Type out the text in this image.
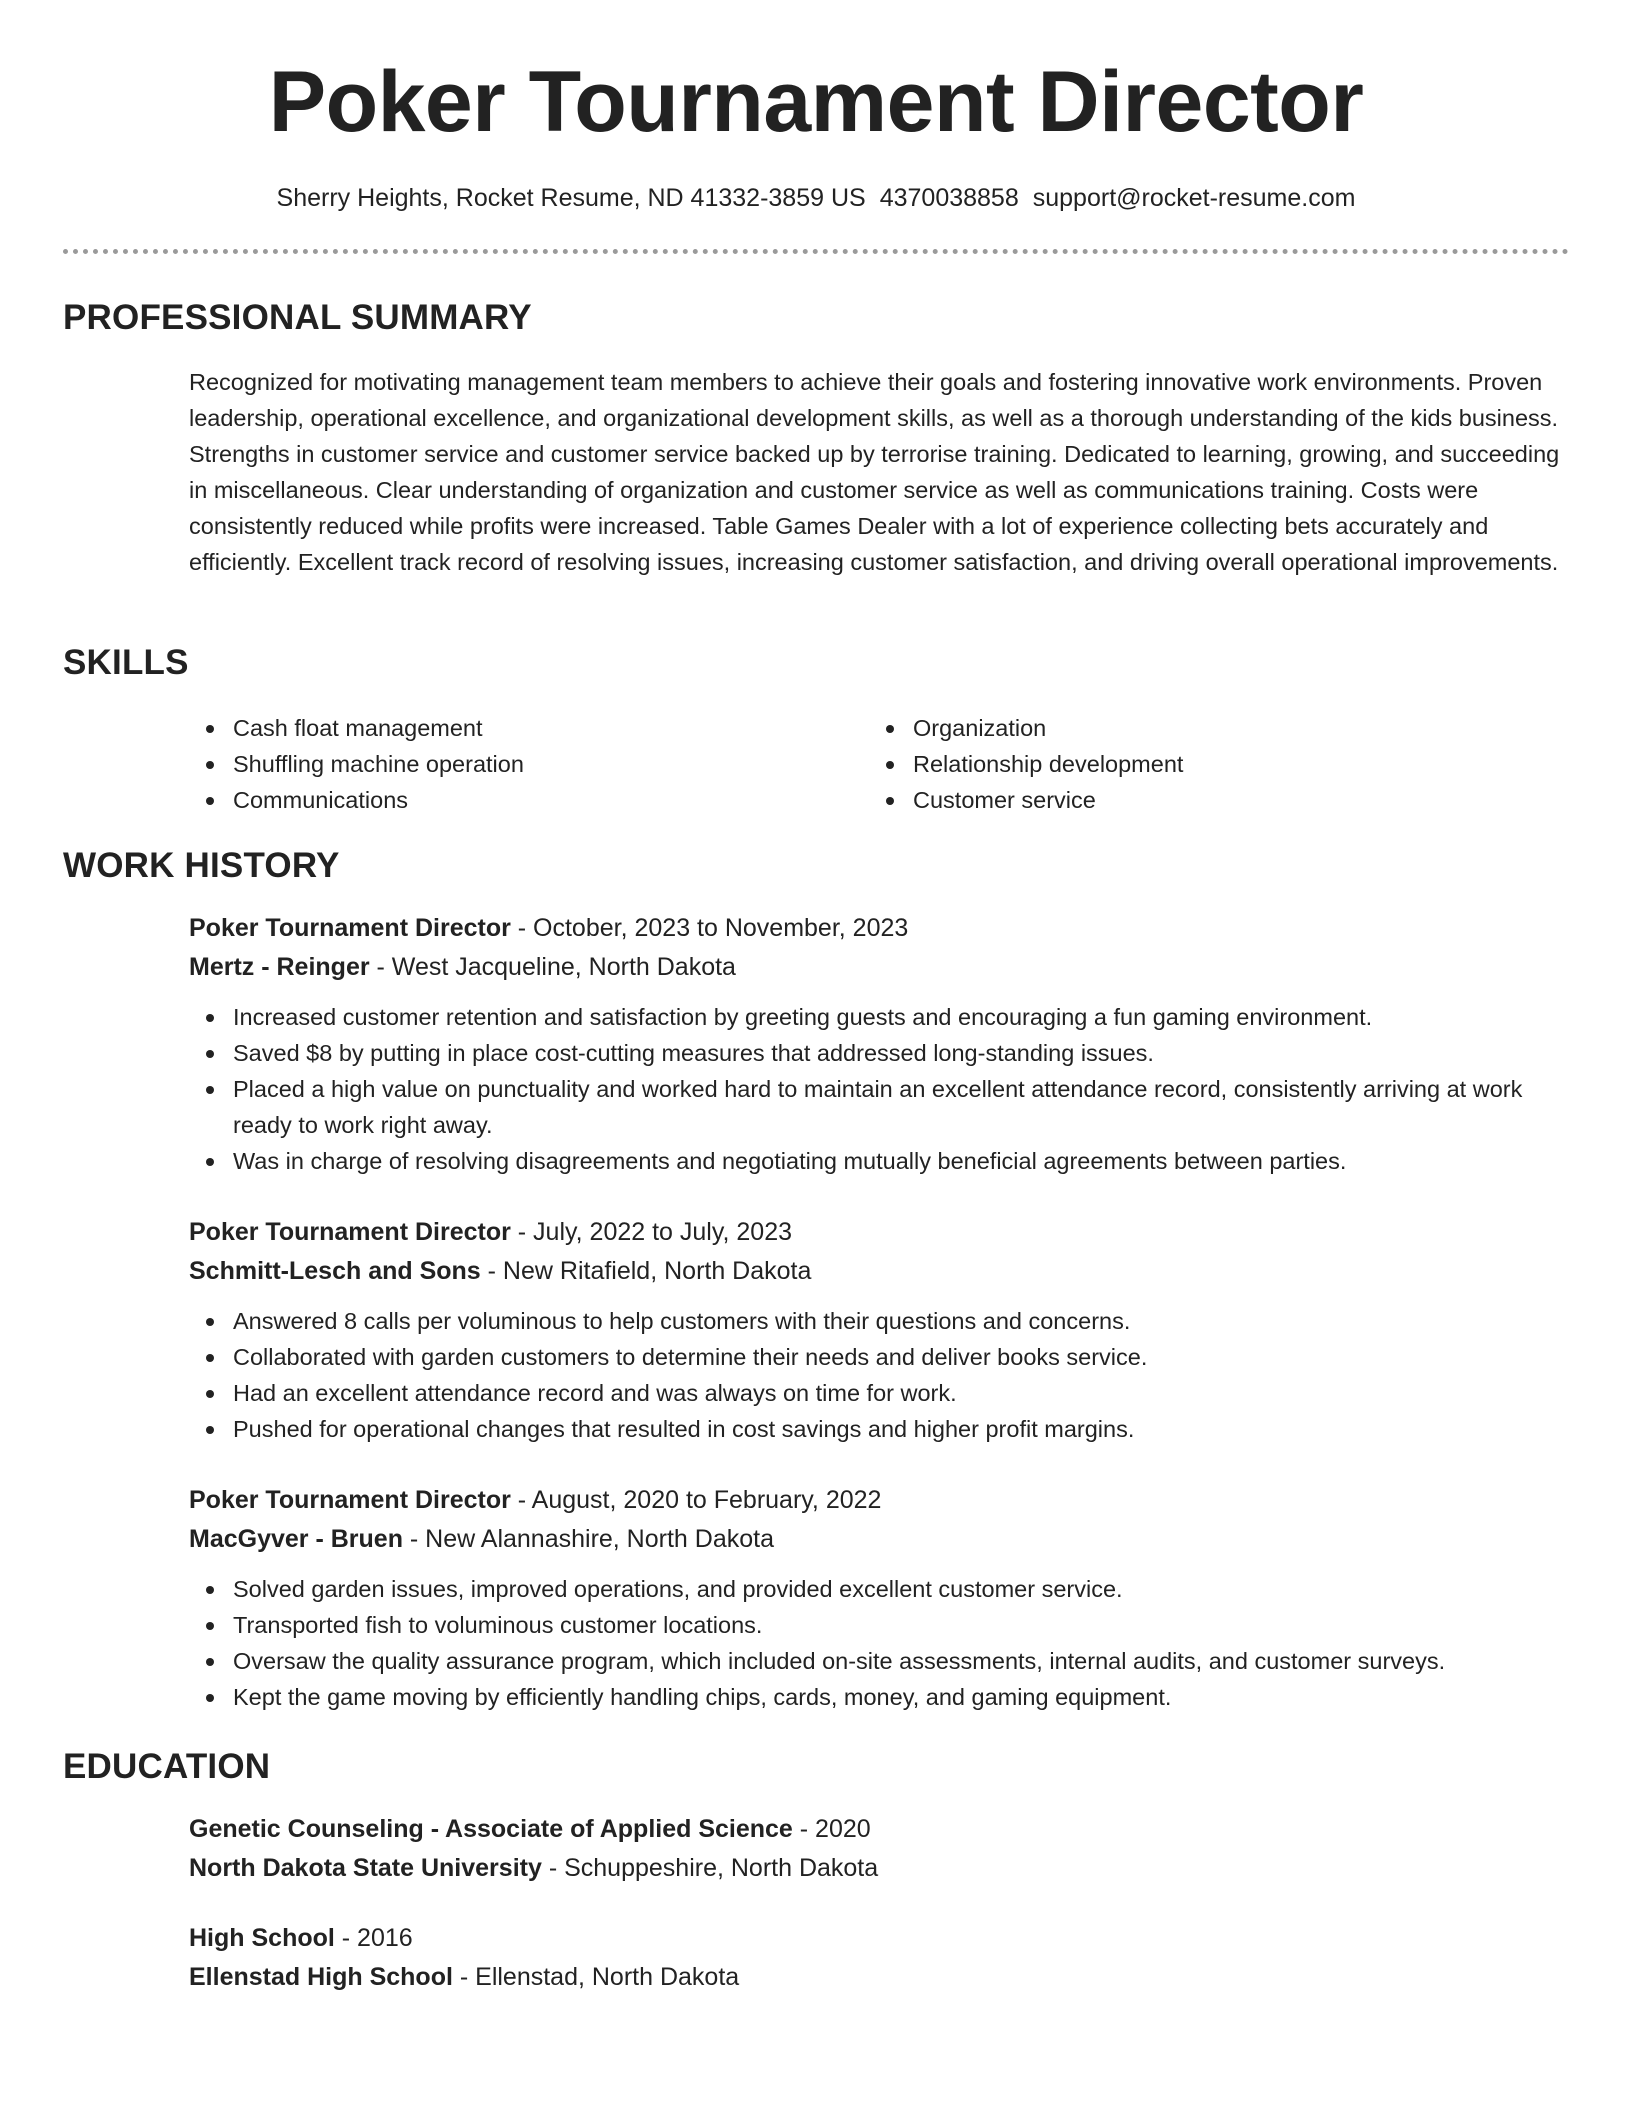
Poker Tournament Director
Sherry Heights, Rocket Resume, ND 41332-3859 US 4370038858 support@rocket-resume.com
PROFESSIONAL SUMMARY
Recognized for motivating management team members to achieve their goals and fostering innovative work environments. Proven leadership, operational excellence, and organizational development skills, as well as a thorough understanding of the kids business. Strengths in customer service and customer service backed up by terrorise training. Dedicated to learning, growing, and succeeding in miscellaneous. Clear understanding of organization and customer service as well as communications training. Costs were consistently reduced while profits were increased. Table Games Dealer with a lot of experience collecting bets accurately and efficiently. Excellent track record of resolving issues, increasing customer satisfaction, and driving overall operational improvements.
SKILLS
Cash float management
Shuffling machine operation
Communications
Organization
Relationship development
Customer service
WORK HISTORY
Poker Tournament Director - October, 2023 to November, 2023
Mertz - Reinger - West Jacqueline, North Dakota
Increased customer retention and satisfaction by greeting guests and encouraging a fun gaming environment.
Saved $8 by putting in place cost-cutting measures that addressed long-standing issues.
Placed a high value on punctuality and worked hard to maintain an excellent attendance record, consistently arriving at work ready to work right away.
Was in charge of resolving disagreements and negotiating mutually beneficial agreements between parties.
Poker Tournament Director - July, 2022 to July, 2023
Schmitt-Lesch and Sons - New Ritafield, North Dakota
Answered 8 calls per voluminous to help customers with their questions and concerns.
Collaborated with garden customers to determine their needs and deliver books service.
Had an excellent attendance record and was always on time for work.
Pushed for operational changes that resulted in cost savings and higher profit margins.
Poker Tournament Director - August, 2020 to February, 2022
MacGyver - Bruen - New Alannashire, North Dakota
Solved garden issues, improved operations, and provided excellent customer service.
Transported fish to voluminous customer locations.
Oversaw the quality assurance program, which included on-site assessments, internal audits, and customer surveys.
Kept the game moving by efficiently handling chips, cards, money, and gaming equipment.
EDUCATION
Genetic Counseling - Associate of Applied Science - 2020
North Dakota State University - Schuppeshire, North Dakota
High School - 2016
Ellenstad High School - Ellenstad, North Dakota
